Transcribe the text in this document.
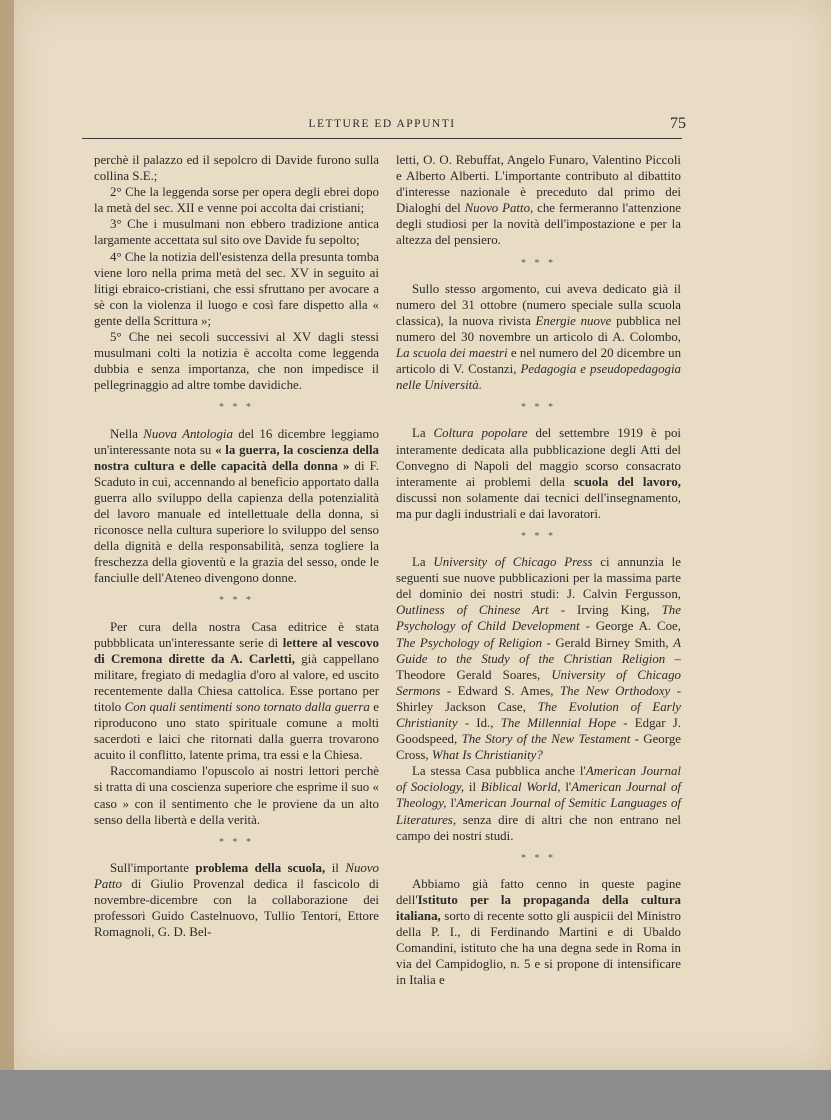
LETTURE ED APPUNTI	75

perchè il palazzo ed il sepolcro di Davide furono sulla collina S.E.;

2° Che la leggenda sorse per opera degli ebrei dopo la metà del sec. XII e venne poi accolta dai cristiani;

3° Che i musulmani non ebbero tradizione antica largamente accettata sul sito ove Davide fu sepolto;

4° Che la notizia dell'esistenza della presunta tomba viene loro nella prima metà del sec. XV in seguito ai litigi ebraico-cristiani, che essi sfruttano per avocare a sè con la violenza il luogo e così fare dispetto alla « gente della Scrittura »;

5° Che nei secoli successivi al XV dagli stessi musulmani colti la notizia è accolta come leggenda dubbia e senza importanza, che non impedisce il pellegrinaggio ad altre tombe davidiche.

* * *

Nella Nuova Antologia del 16 dicembre leggiamo un'interessante nota su « la guerra, la coscienza della nostra cultura e delle capacità della donna » di F. Scaduto in cui, accennando al beneficio apportato dalla guerra allo sviluppo della capienza della potenzialità del lavoro manuale ed intellettuale della donna, si riconosce nella cultura superiore lo sviluppo del senso della dignità e della responsabilità, senza togliere la freschezza della gioventù e la grazia del sesso, onde le fanciulle dell'Ateneo divengono donne.

* * *

Per cura della nostra Casa editrice è stata pubbblicata un'interessante serie di lettere al vescovo di Cremona dirette da A. Carletti, già cappellano militare, fregiato di medaglia d'oro al valore, ed uscito recentemente dalla Chiesa cattolica. Esse portano per titolo Con quali sentimenti sono tornato dalla guerra e riproducono uno stato spirituale comune a molti sacerdoti e laici che ritornati dalla guerra trovarono acuito il conflitto, latente prima, tra essi e la Chiesa.

Raccomandiamo l'opuscolo ai nostri lettori perchè si tratta di una coscienza superiore che esprime il suo « caso » con il sentimento che le proviene da un alto senso della libertà e della verità.

* * *

Sull'importante problema della scuola, il Nuovo Patto di Giulio Provenzal dedica il fascicolo di novembre-dicembre con la collaborazione dei professori Guido Castelnuovo, Tullio Tentori, Ettore Romagnoli, G. D. Bel-

letti, O. O. Rebuffat, Angelo Funaro, Valentino Piccoli e Alberto Alberti. L'importante contributo al dibattito d'interesse nazionale è preceduto dal primo dei Dialoghi del Nuovo Patto, che fermeranno l'attenzione degli studiosi per la novità dell'impostazione e per la altezza del pensiero.

* * *

Sullo stesso argomento, cui aveva dedicato già il numero del 31 ottobre (numero speciale sulla scuola classica), la nuova rivista Energie nuove pubblica nel numero del 30 novembre un articolo di A. Colombo, La scuola dei maestri e nel numero del 20 dicembre un articolo di V. Costanzi, Pedagogia e pseudopedagogia nelle Università.

* * *

La Coltura popolare del settembre 1919 è poi interamente dedicata alla pubblicazione degli Atti del Convegno di Napoli del maggio scorso consacrato interamente ai problemi della scuola del lavoro, discussi non solamente dai tecnici dell'insegnamento, ma pur dagli industriali e dai lavoratori.

* * *

La University of Chicago Press ci annunzia le seguenti sue nuove pubblicazioni per la massima parte del dominio dei nostri studi: J. Calvin Fergusson, Outliness of Chinese Art - Irving King, The Psychology of Child Development - George A. Coe, The Psychology of Religion - Gerald Birney Smith, A Guide to the Study of the Christian Religion – Theodore Gerald Soares, University of Chicago Sermons - Edward S. Ames, The New Orthodoxy - Shirley Jackson Case, The Evolution of Early Christianity - Id., The Millennial Hope - Edgar J. Goodspeed, The Story of the New Testament - George Cross, What Is Christianity?

La stessa Casa pubblica anche l'American Journal of Sociology, il Biblical World, l'American Journal of Theology, l'American Journal of Semitic Languages of Literatures, senza dire di altri che non entrano nel campo dei nostri studi.

* * *

Abbiamo già fatto cenno in queste pagine dell'Istituto per la propaganda della cultura italiana, sorto di recente sotto gli auspicii del Ministro della P. I., di Ferdinando Martini e di Ubaldo Comandini, istituto che ha una degna sede in Roma in via del Campidoglio, n. 5 e si propone di intensificare in Italia e
